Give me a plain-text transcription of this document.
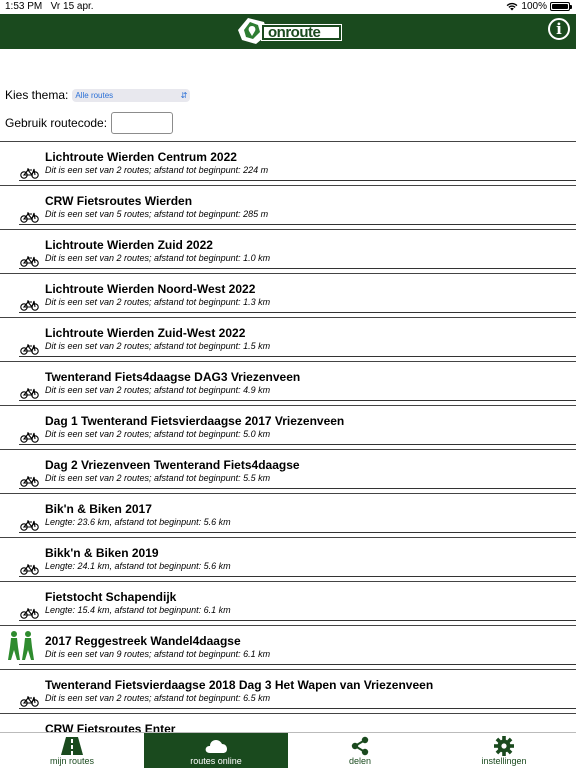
1:53 PM Vr 15 apr.	100%
on route	i
Kies thema: Alle routes	⇵
Gebruik routecode:
Lichtroute Wierden Centrum 2022
Dit is een set van 2 routes; afstand tot beginpunt: 224 m
CRW Fietsroutes Wierden
Dit is een set van 5 routes; afstand tot beginpunt: 285 m
Lichtroute Wierden Zuid 2022
Dit is een set van 2 routes; afstand tot beginpunt: 1.0 km
Lichtroute Wierden Noord-West 2022
Dit is een set van 2 routes; afstand tot beginpunt: 1.3 km
Lichtroute Wierden Zuid-West 2022
Dit is een set van 2 routes; afstand tot beginpunt: 1.5 km
Twenterand Fiets4daagse DAG3 Vriezenveen
Dit is een set van 2 routes; afstand tot beginpunt: 4.9 km
Dag 1 Twenterand Fietsvierdaagse 2017 Vriezenveen
Dit is een set van 2 routes; afstand tot beginpunt: 5.0 km
Dag 2 Vriezenveen Twenterand Fiets4daagse
Dit is een set van 2 routes; afstand tot beginpunt: 5.5 km
Bik'n & Biken 2017
Lengte: 23.6 km, afstand tot beginpunt: 5.6 km
Bikk'n & Biken 2019
Lengte: 24.1 km, afstand tot beginpunt: 5.6 km
Fietstocht Schapendijk
Lengte: 15.4 km, afstand tot beginpunt: 6.1 km
2017 Reggestreek Wandel4daagse
Dit is een set van 9 routes; afstand tot beginpunt: 6.1 km
Twenterand Fietsvierdaagse 2018 Dag 3 Het Wapen van Vriezenveen
Dit is een set van 2 routes; afstand tot beginpunt: 6.5 km
CRW Fietsroutes Enter
mijn routes	routes online	delen	instellingen
